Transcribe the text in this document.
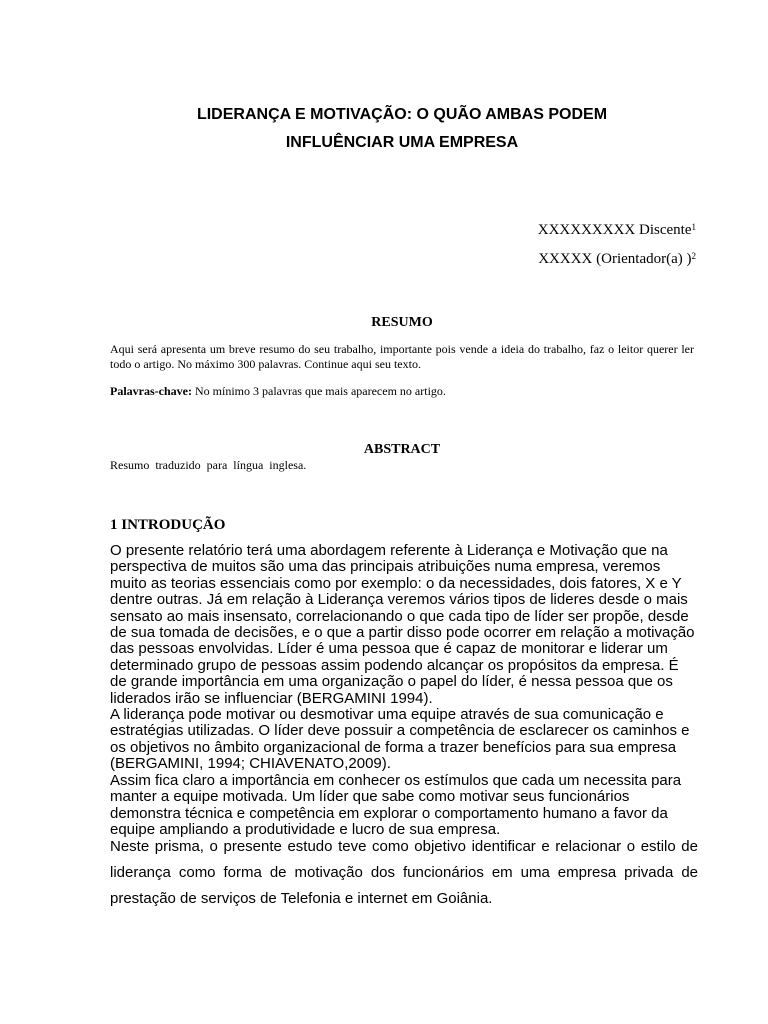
LIDERANÇA E MOTIVAÇÃO: O QUÃO AMBAS PODEM
INFLUÊNCIAR UMA EMPRESA
XXXXXXXXX Discente$^1$
XXXXX (Orientador(a) )$^2$
RESUMO
Aqui será apresenta um breve resumo do seu trabalho, importante pois vende a ideia do trabalho, faz o leitor querer ler todo o artigo. No máximo 300 palavras. Continue aqui seu texto.
Palavras-chave: No mínimo 3 palavras que mais aparecem no artigo.
ABSTRACT
Resumo traduzido para língua inglesa.
1 INTRODUÇÃO

O presente relatório terá uma abordagem referente à Liderança e Motivação que na perspectiva de muitos são uma das principais atribuições numa empresa, veremos muito as teorias essenciais como por exemplo: o da necessidades, dois fatores, X e Y dentre outras. Já em relação à Liderança veremos vários tipos de lideres desde o mais sensato ao mais insensato, correlacionando o que cada tipo de líder ser propõe, desde de sua tomada de decisões, e o que a partir disso pode ocorrer em relação a motivação das pessoas envolvidas. Líder é uma pessoa que é capaz de monitorar e liderar um determinado grupo de pessoas assim podendo alcançar os propósitos da empresa. É de grande importância em uma organização o papel do líder, é nessa pessoa que os liderados irão se influenciar (BERGAMINI 1994).

A liderança pode motivar ou desmotivar uma equipe através de sua comunicação e estratégias utilizadas. O líder deve possuir a competência de esclarecer os caminhos e os objetivos no âmbito organizacional de forma a trazer benefícios para sua empresa (BERGAMINI, 1994; CHIAVENATO,2009).

Assim fica claro a importância em conhecer os estímulos que cada um necessita para manter a equipe motivada. Um líder que sabe como motivar seus funcionários demonstra técnica e competência em explorar o comportamento humano a favor da equipe ampliando a produtividade e lucro de sua empresa.

Neste prisma, o presente estudo teve como objetivo identificar e relacionar o estilo de liderança como forma de motivação dos funcionários em uma empresa privada de prestação de serviços de Telefonia e internet em Goiânia.
